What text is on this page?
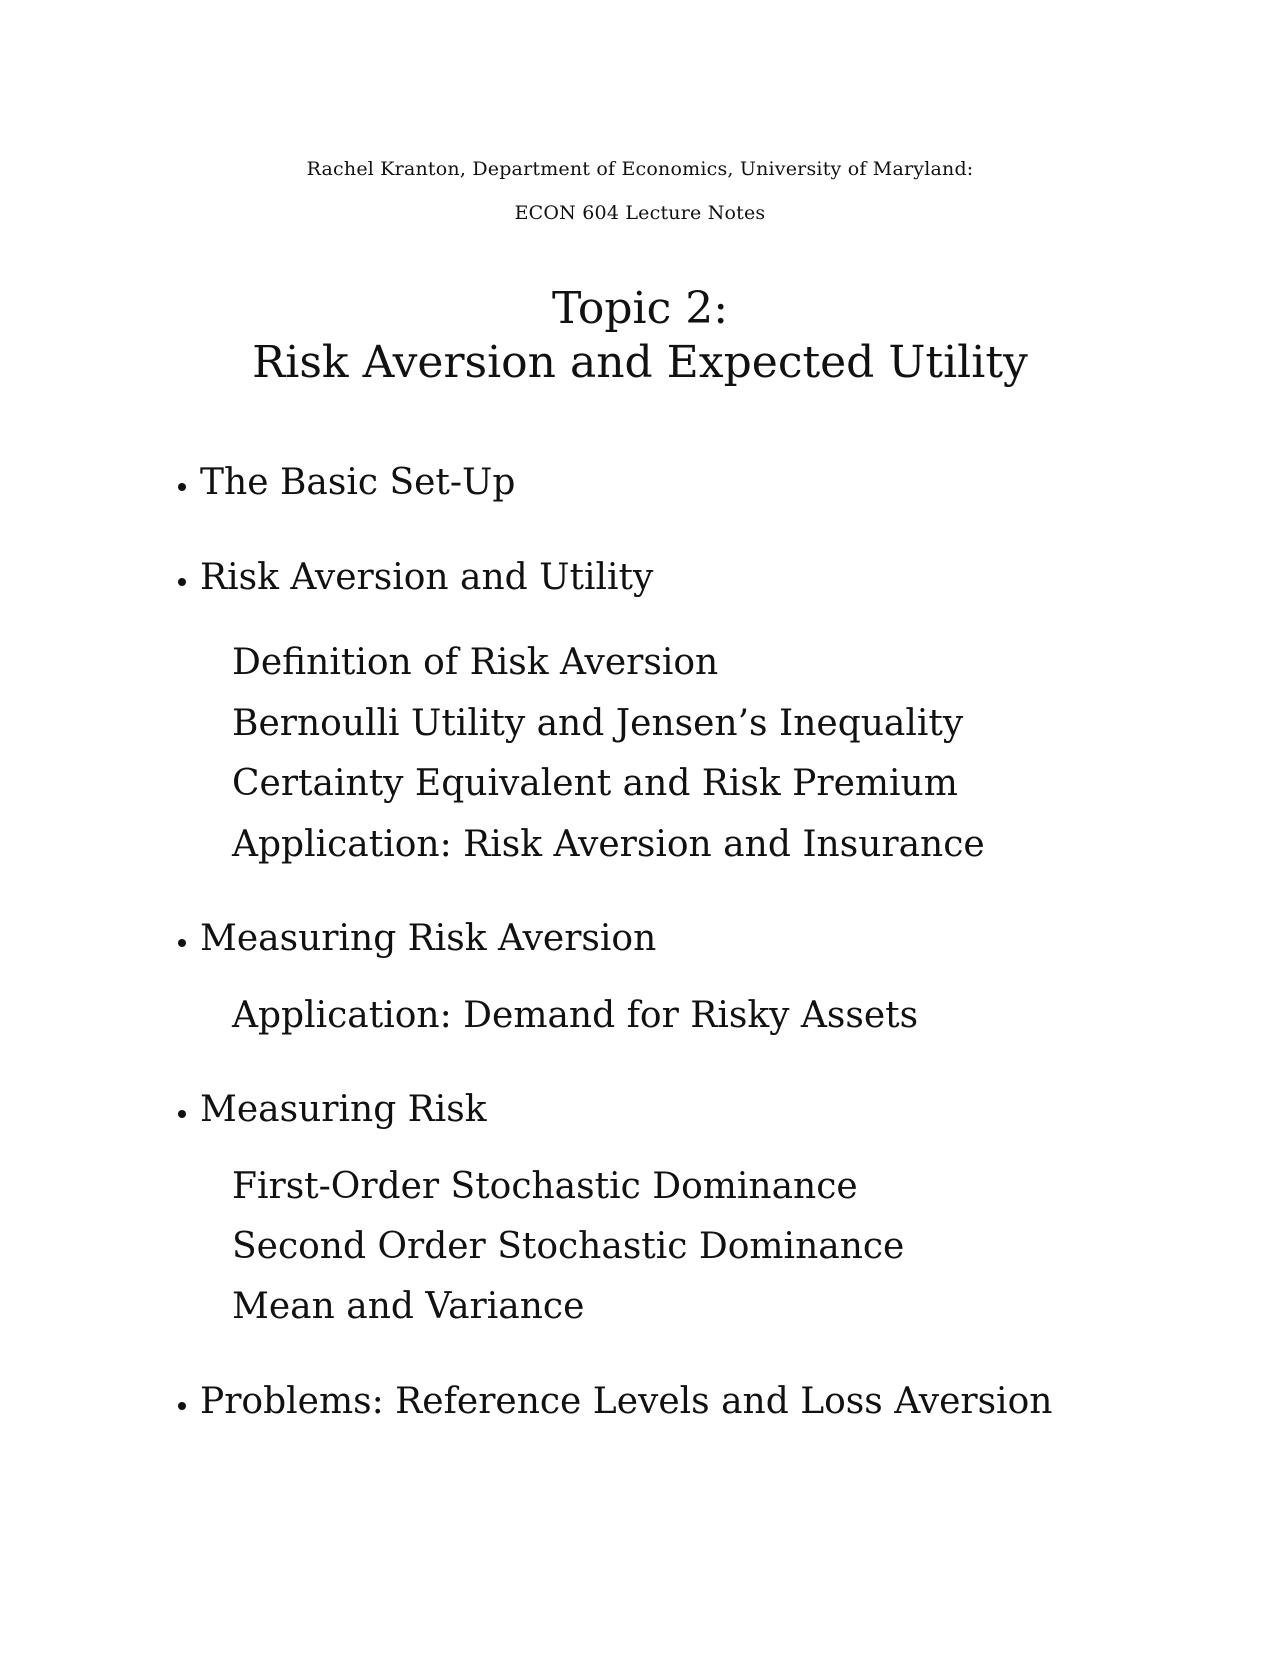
Rachel Kranton, Department of Economics, University of Maryland:
ECON 604 Lecture Notes
Topic 2:
Risk Aversion and Expected Utility
The Basic Set-Up
Risk Aversion and Utility
Definition of Risk Aversion
Bernoulli Utility and Jensen’s Inequality
Certainty Equivalent and Risk Premium
Application: Risk Aversion and Insurance
Measuring Risk Aversion
Application: Demand for Risky Assets
Measuring Risk
First-Order Stochastic Dominance
Second Order Stochastic Dominance
Mean and Variance
Problems: Reference Levels and Loss Aversion
